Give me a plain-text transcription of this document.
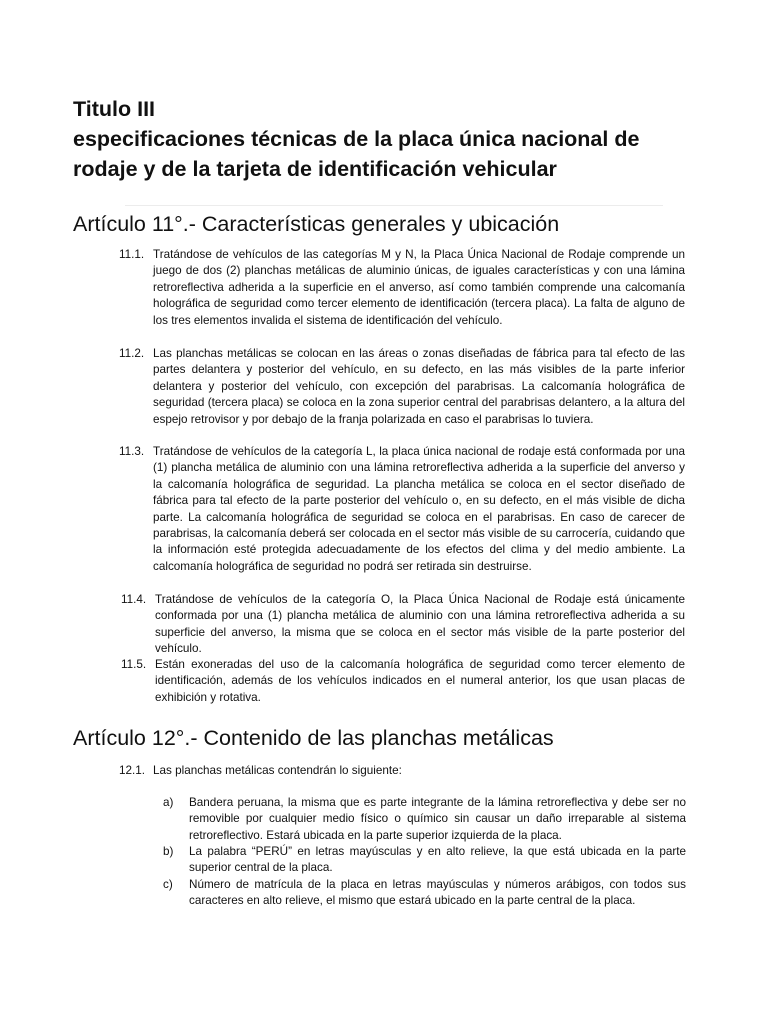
Titulo III
especificaciones técnicas de la placa única nacional de
rodaje y de la tarjeta de identificación vehicular
Artículo 11°.- Características generales y ubicación

11.1. Tratándose de vehículos de las categorías M y N, la Placa Única Nacional de Rodaje comprende un juego de dos (2) planchas metálicas de aluminio únicas, de iguales características y con una lámina retroreflectiva adherida a la superficie en el anverso, así como también comprende una calcomanía holográfica de seguridad como tercer elemento de identificación (tercera placa). La falta de alguno de los tres elementos invalida el sistema de identificación del vehículo.

11.2. Las planchas metálicas se colocan en las áreas o zonas diseñadas de fábrica para tal efecto de las partes delantera y posterior del vehículo, en su defecto, en las más visibles de la parte inferior delantera y posterior del vehículo, con excepción del parabrisas. La calcomanía holográfica de seguridad (tercera placa) se coloca en la zona superior central del parabrisas delantero, a la altura del espejo retrovisor y por debajo de la franja polarizada en caso el parabrisas lo tuviera.

11.3. Tratándose de vehículos de la categoría L, la placa única nacional de rodaje está conformada por una (1) plancha metálica de aluminio con una lámina retroreflectiva adherida a la superficie del anverso y la calcomanía holográfica de seguridad. La plancha metálica se coloca en el sector diseñado de fábrica para tal efecto de la parte posterior del vehículo o, en su defecto, en el más visible de dicha parte. La calcomanía holográfica de seguridad se coloca en el parabrisas. En caso de carecer de parabrisas, la calcomanía deberá ser colocada en el sector más visible de su carrocería, cuidando que la información esté protegida adecuadamente de los efectos del clima y del medio ambiente. La calcomanía holográfica de seguridad no podrá ser retirada sin destruirse.

11.4. Tratándose de vehículos de la categoría O, la Placa Única Nacional de Rodaje está únicamente conformada por una (1) plancha metálica de aluminio con una lámina retroreflectiva adherida a su superficie del anverso, la misma que se coloca en el sector más visible de la parte posterior del vehículo.

11.5. Están exoneradas del uso de la calcomanía holográfica de seguridad como tercer elemento de identificación, además de los vehículos indicados en el numeral anterior, los que usan placas de exhibición y rotativa.

Artículo 12°.- Contenido de las planchas metálicas

12.1. Las planchas metálicas contendrán lo siguiente:

a)	Bandera peruana, la misma que es parte integrante de la lámina retroreflectiva y debe ser no removible por cualquier medio físico o químico sin causar un daño irreparable al sistema retroreflectivo. Estará ubicada en la parte superior izquierda de la placa.

b)	La palabra “PERÚ” en letras mayúsculas y en alto relieve, la que está ubicada en la parte superior central de la placa.

c)	Número de matrícula de la placa en letras mayúsculas y números arábigos, con todos sus caracteres en alto relieve, el mismo que estará ubicado en la parte central de la placa.
